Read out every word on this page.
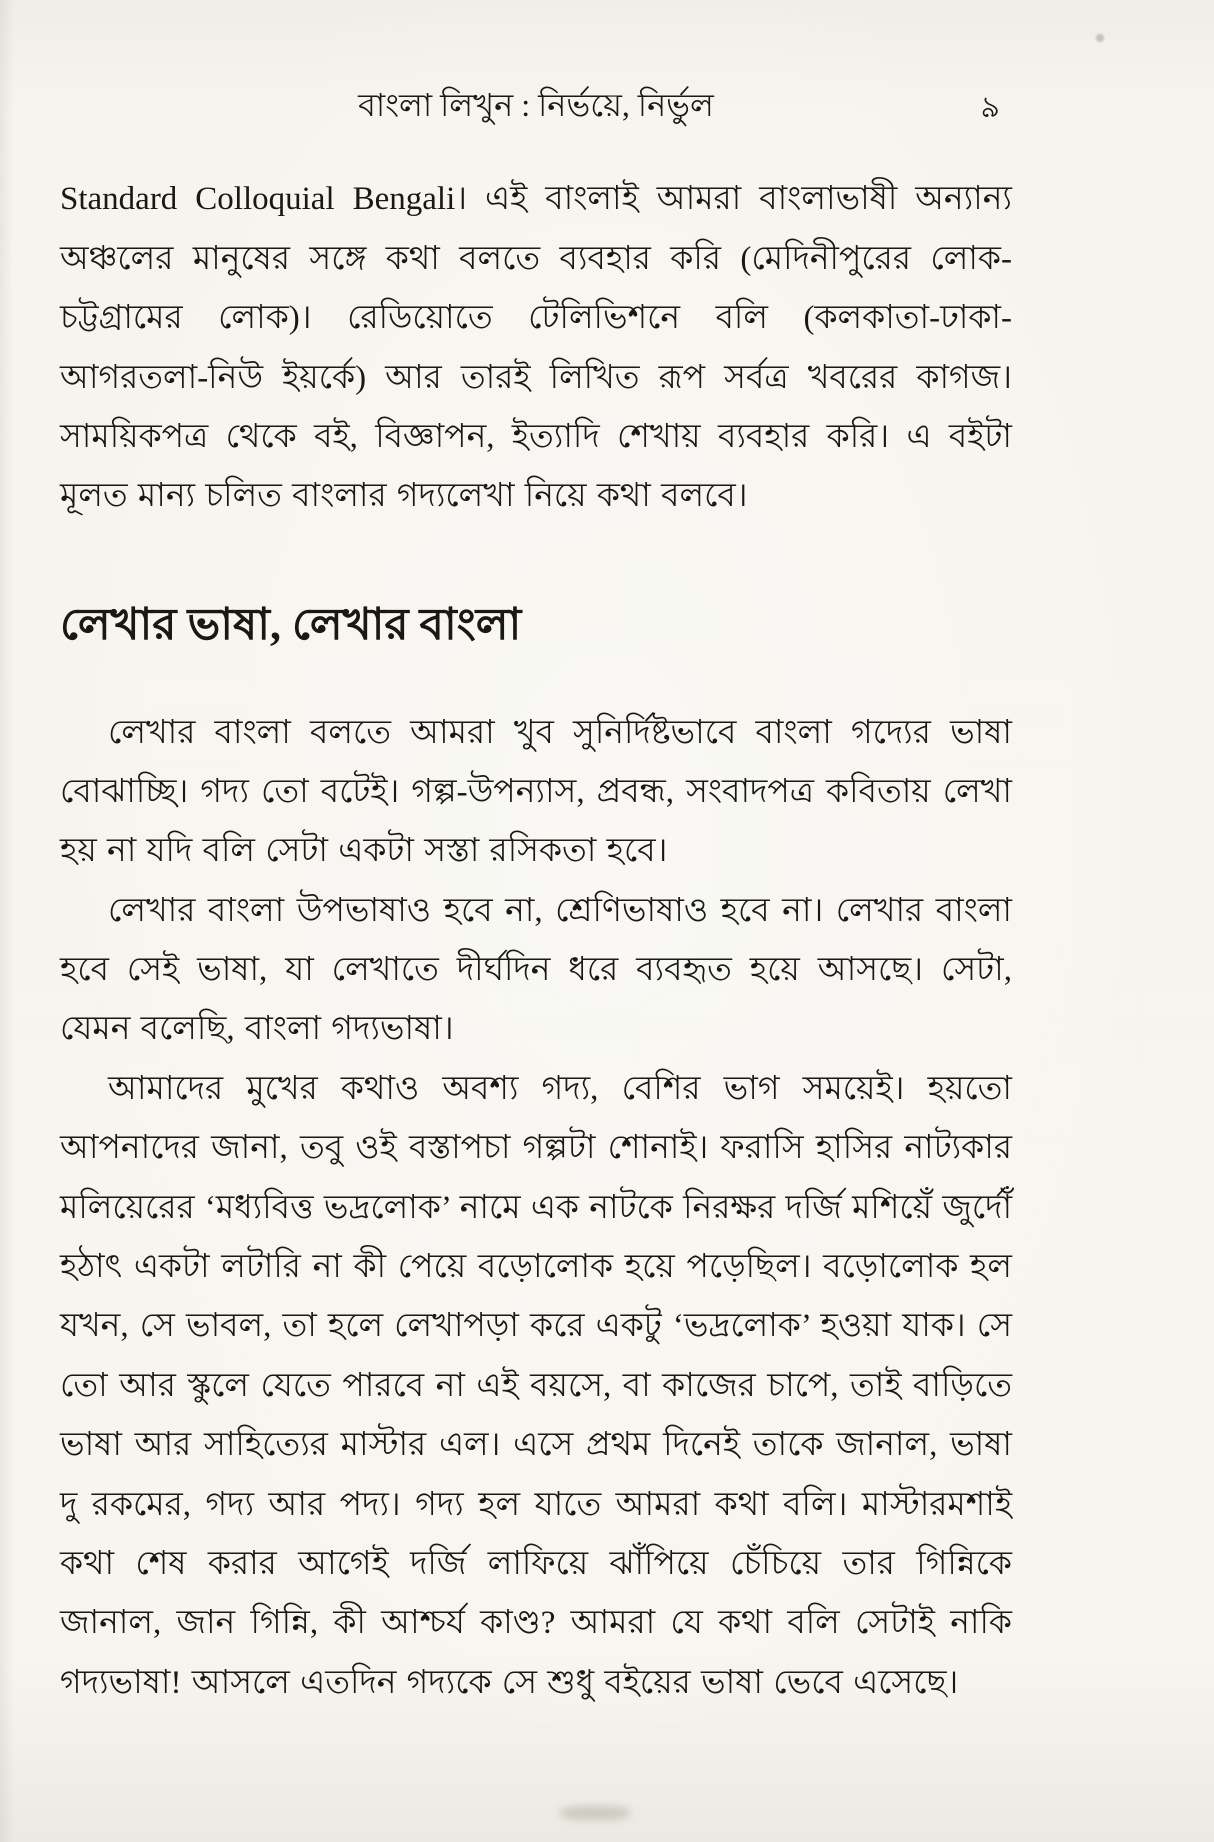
বাংলা লিখুন : নির্ভয়ে, নির্ভুল	৯

Standard Colloquial Bengali। এই বাংলাই আমরা বাংলাভাষী অন্যান্য অঞ্চলের মানুষের সঙ্গে কথা বলতে ব্যবহার করি (মেদিনীপুরের লোক-চট্টগ্রামের লোক)। রেডিয়োতে টেলিভিশনে বলি (কলকাতা-ঢাকা-আগরতলা-নিউ ইয়র্কে) আর তারই লিখিত রূপ সর্বত্র খবরের কাগজ। সাময়িকপত্র থেকে বই, বিজ্ঞাপন, ইত্যাদি শেখায় ব্যবহার করি। এ বইটা মূলত মান্য চলিত বাংলার গদ্যলেখা নিয়ে কথা বলবে।

লেখার ভাষা, লেখার বাংলা

লেখার বাংলা বলতে আমরা খুব সুনির্দিষ্টভাবে বাংলা গদ্যের ভাষা বোঝাচ্ছি। গদ্য তো বটেই। গল্প-উপন্যাস, প্রবন্ধ, সংবাদপত্র কবিতায় লেখা হয় না যদি বলি সেটা একটা সস্তা রসিকতা হবে।

লেখার বাংলা উপভাষাও হবে না, শ্রেণিভাষাও হবে না। লেখার বাংলা হবে সেই ভাষা, যা লেখাতে দীর্ঘদিন ধরে ব্যবহৃত হয়ে আসছে। সেটা, যেমন বলেছি, বাংলা গদ্যভাষা।

আমাদের মুখের কথাও অবশ্য গদ্য, বেশির ভাগ সময়েই। হয়তো আপনাদের জানা, তবু ওই বস্তাপচা গল্পটা শোনাই। ফরাসি হাসির নাট্যকার মলিয়েরের ‘মধ্যবিত্ত ভদ্রলোক’ নামে এক নাটকে নিরক্ষর দর্জি মশিয়েঁ জুর্দোঁ হঠাৎ একটা লটারি না কী পেয়ে বড়োলোক হয়ে পড়েছিল। বড়োলোক হল যখন, সে ভাবল, তা হলে লেখাপড়া করে একটু ‘ভদ্রলোক’ হওয়া যাক। সে তো আর স্কুলে যেতে পারবে না এই বয়সে, বা কাজের চাপে, তাই বাড়িতে ভাষা আর সাহিত্যের মাস্টার এল। এসে প্রথম দিনেই তাকে জানাল, ভাষা দু রকমের, গদ্য আর পদ্য। গদ্য হল যাতে আমরা কথা বলি। মাস্টারমশাই কথা শেষ করার আগেই দর্জি লাফিয়ে ঝাঁপিয়ে চেঁচিয়ে তার গিন্নিকে জানাল, জান গিন্নি, কী আশ্চর্য কাণ্ড? আমরা যে কথা বলি সেটাই নাকি গদ্যভাষা! আসলে এতদিন গদ্যকে সে শুধু বইয়ের ভাষা ভেবে এসেছে।
